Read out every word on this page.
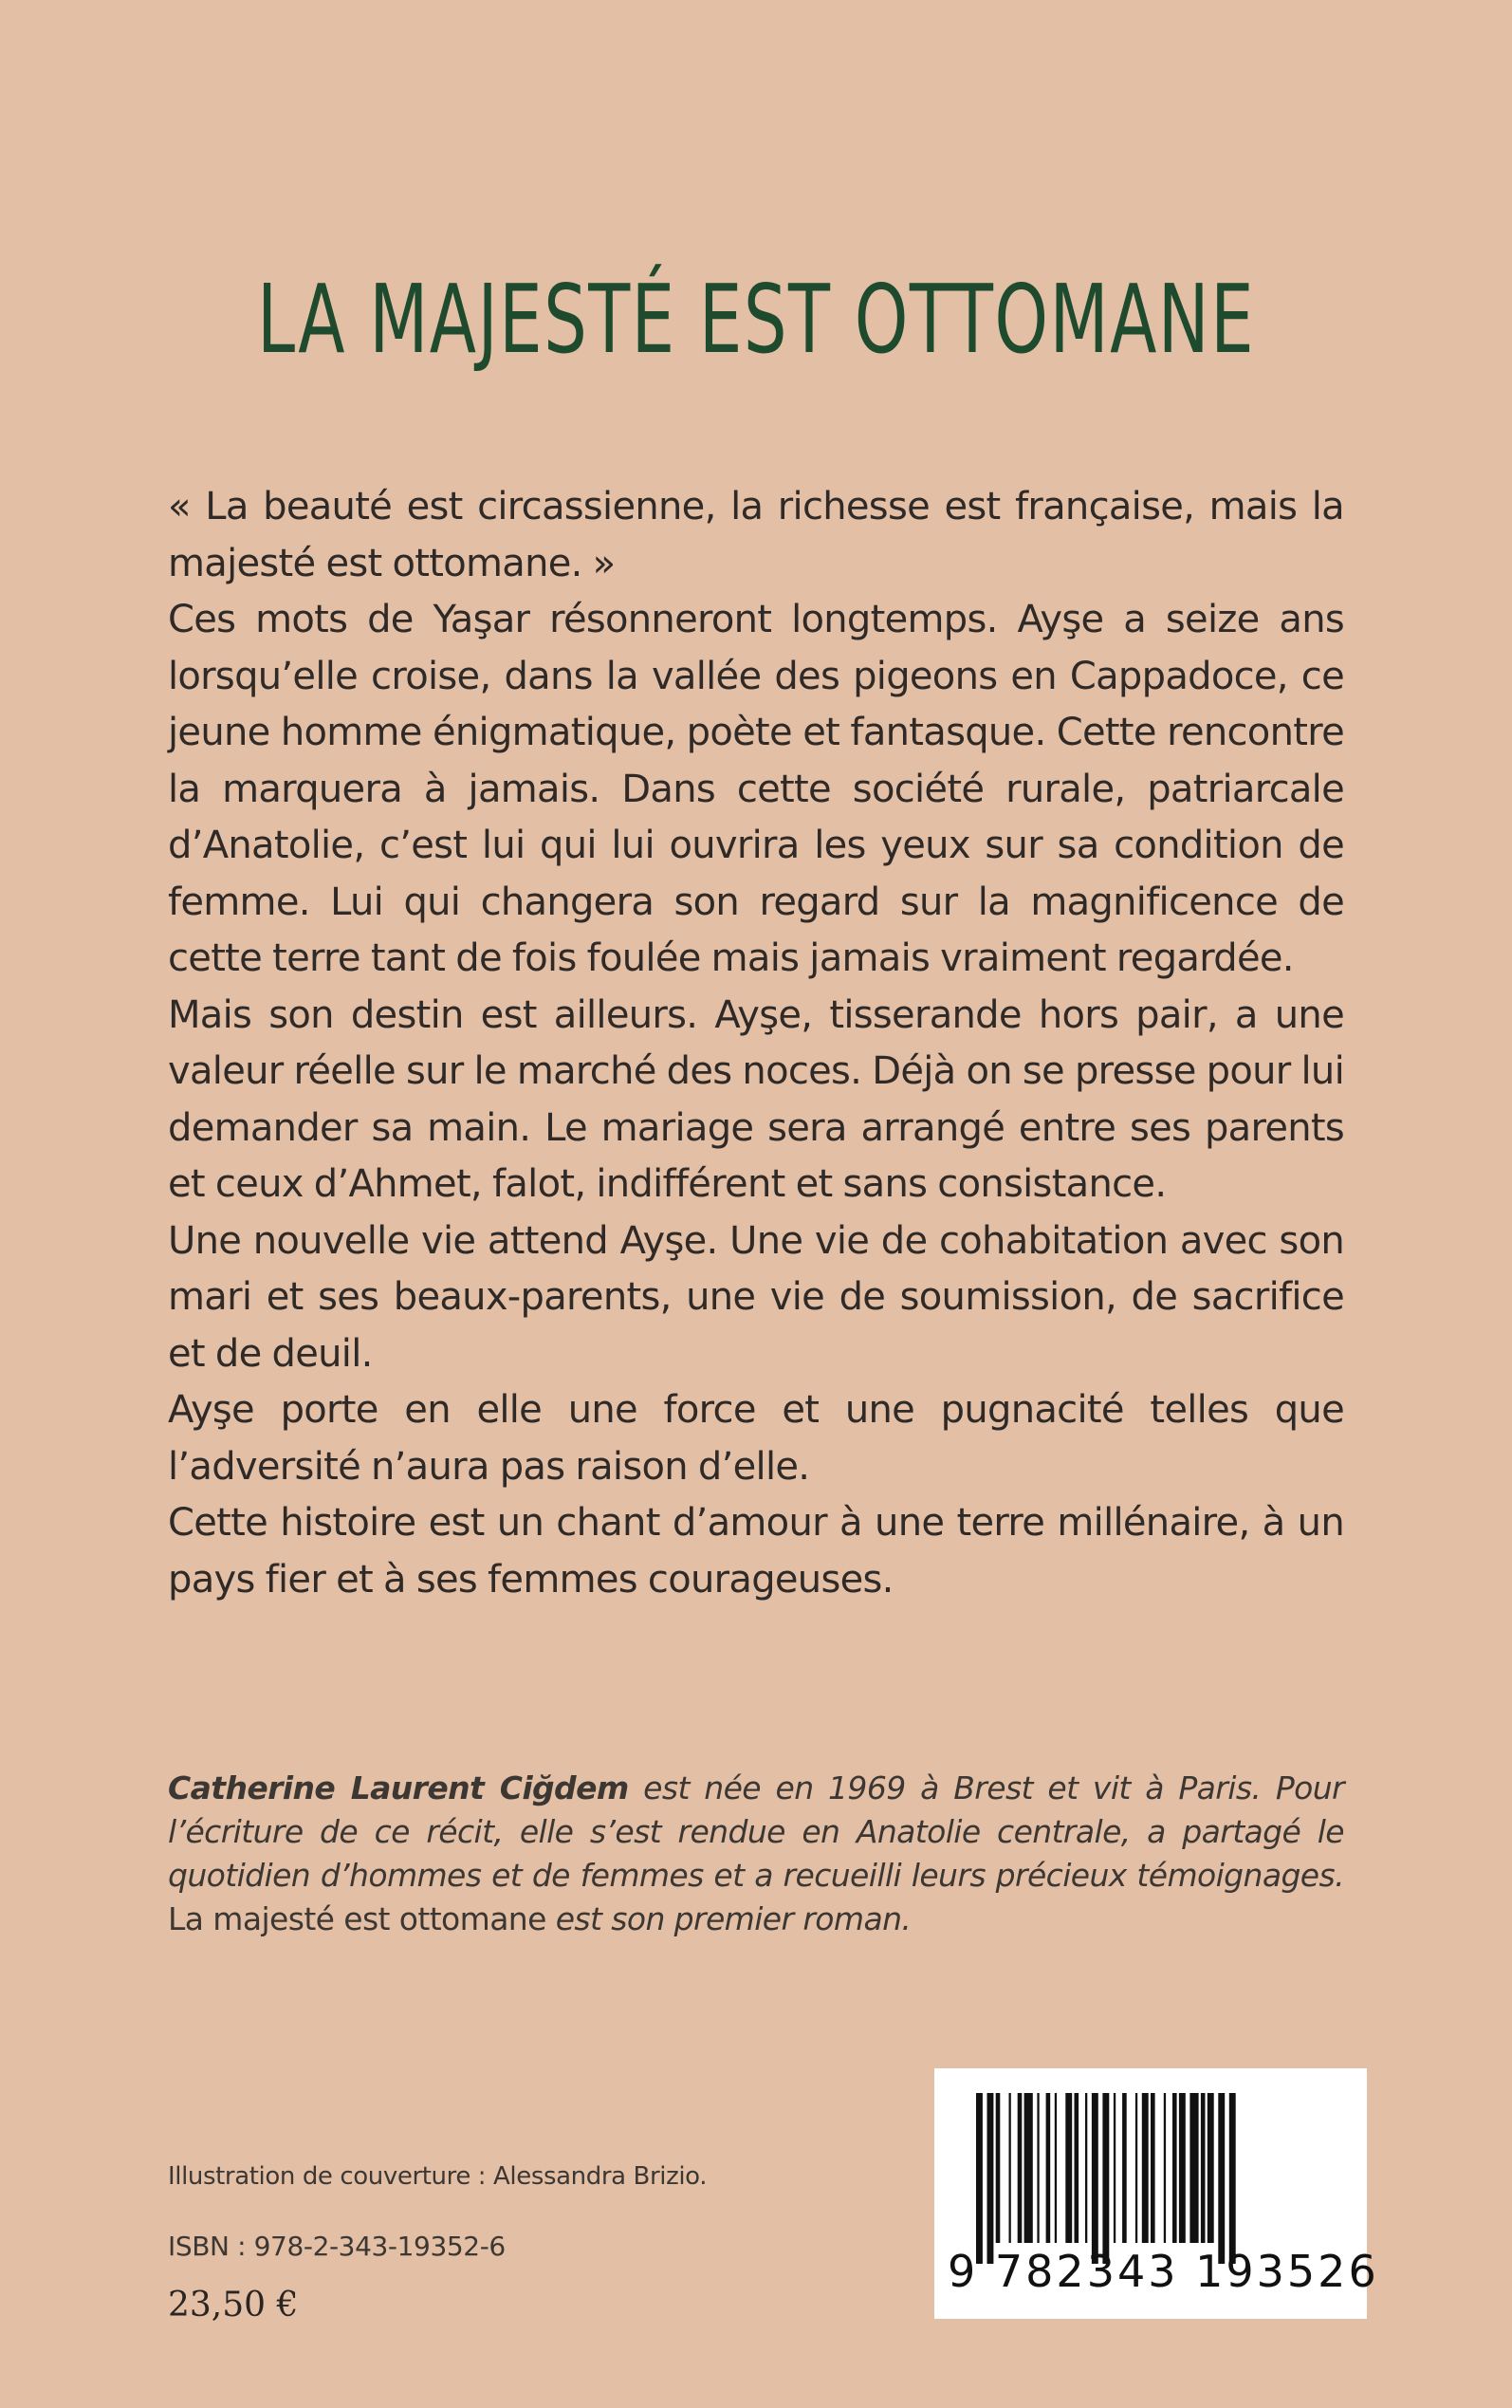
LA MAJESTÉ EST OTTOMANE

« La beauté est circassienne, la richesse est française, mais la majesté est ottomane. »

Ces mots de Yaşar résonneront longtemps. Ayşe a seize ans lorsqu’elle croise, dans la vallée des pigeons en Cappadoce, ce jeune homme énigmatique, poète et fantasque. Cette rencontre la marquera à jamais. Dans cette société rurale, patriarcale d’Anatolie, c’est lui qui lui ouvrira les yeux sur sa condition de femme. Lui qui changera son regard sur la magnificence de cette terre tant de fois foulée mais jamais vraiment regardée.

Mais son destin est ailleurs. Ayşe, tisserande hors pair, a une valeur réelle sur le marché des noces. Déjà on se presse pour lui demander sa main. Le mariage sera arrangé entre ses parents et ceux d’Ahmet, falot, indifférent et sans consistance.

Une nouvelle vie attend Ayşe. Une vie de cohabitation avec son mari et ses beaux-parents, une vie de soumission, de sacrifice et de deuil.

Ayşe porte en elle une force et une pugnacité telles que l’adversité n’aura pas raison d’elle.

Cette histoire est un chant d’amour à une terre millénaire, à un pays fier et à ses femmes courageuses.

Catherine Laurent Ciğdem est née en 1969 à Brest et vit à Paris. Pour l’écriture de ce récit, elle s’est rendue en Anatolie centrale, a partagé le quotidien d’hommes et de femmes et a recueilli leurs précieux témoignages. La majesté est ottomane est son premier roman.
Illustration de couverture : Alessandra Brizio.
ISBN : 978-2-343-19352-6
23,50 €
9 782343 193526
